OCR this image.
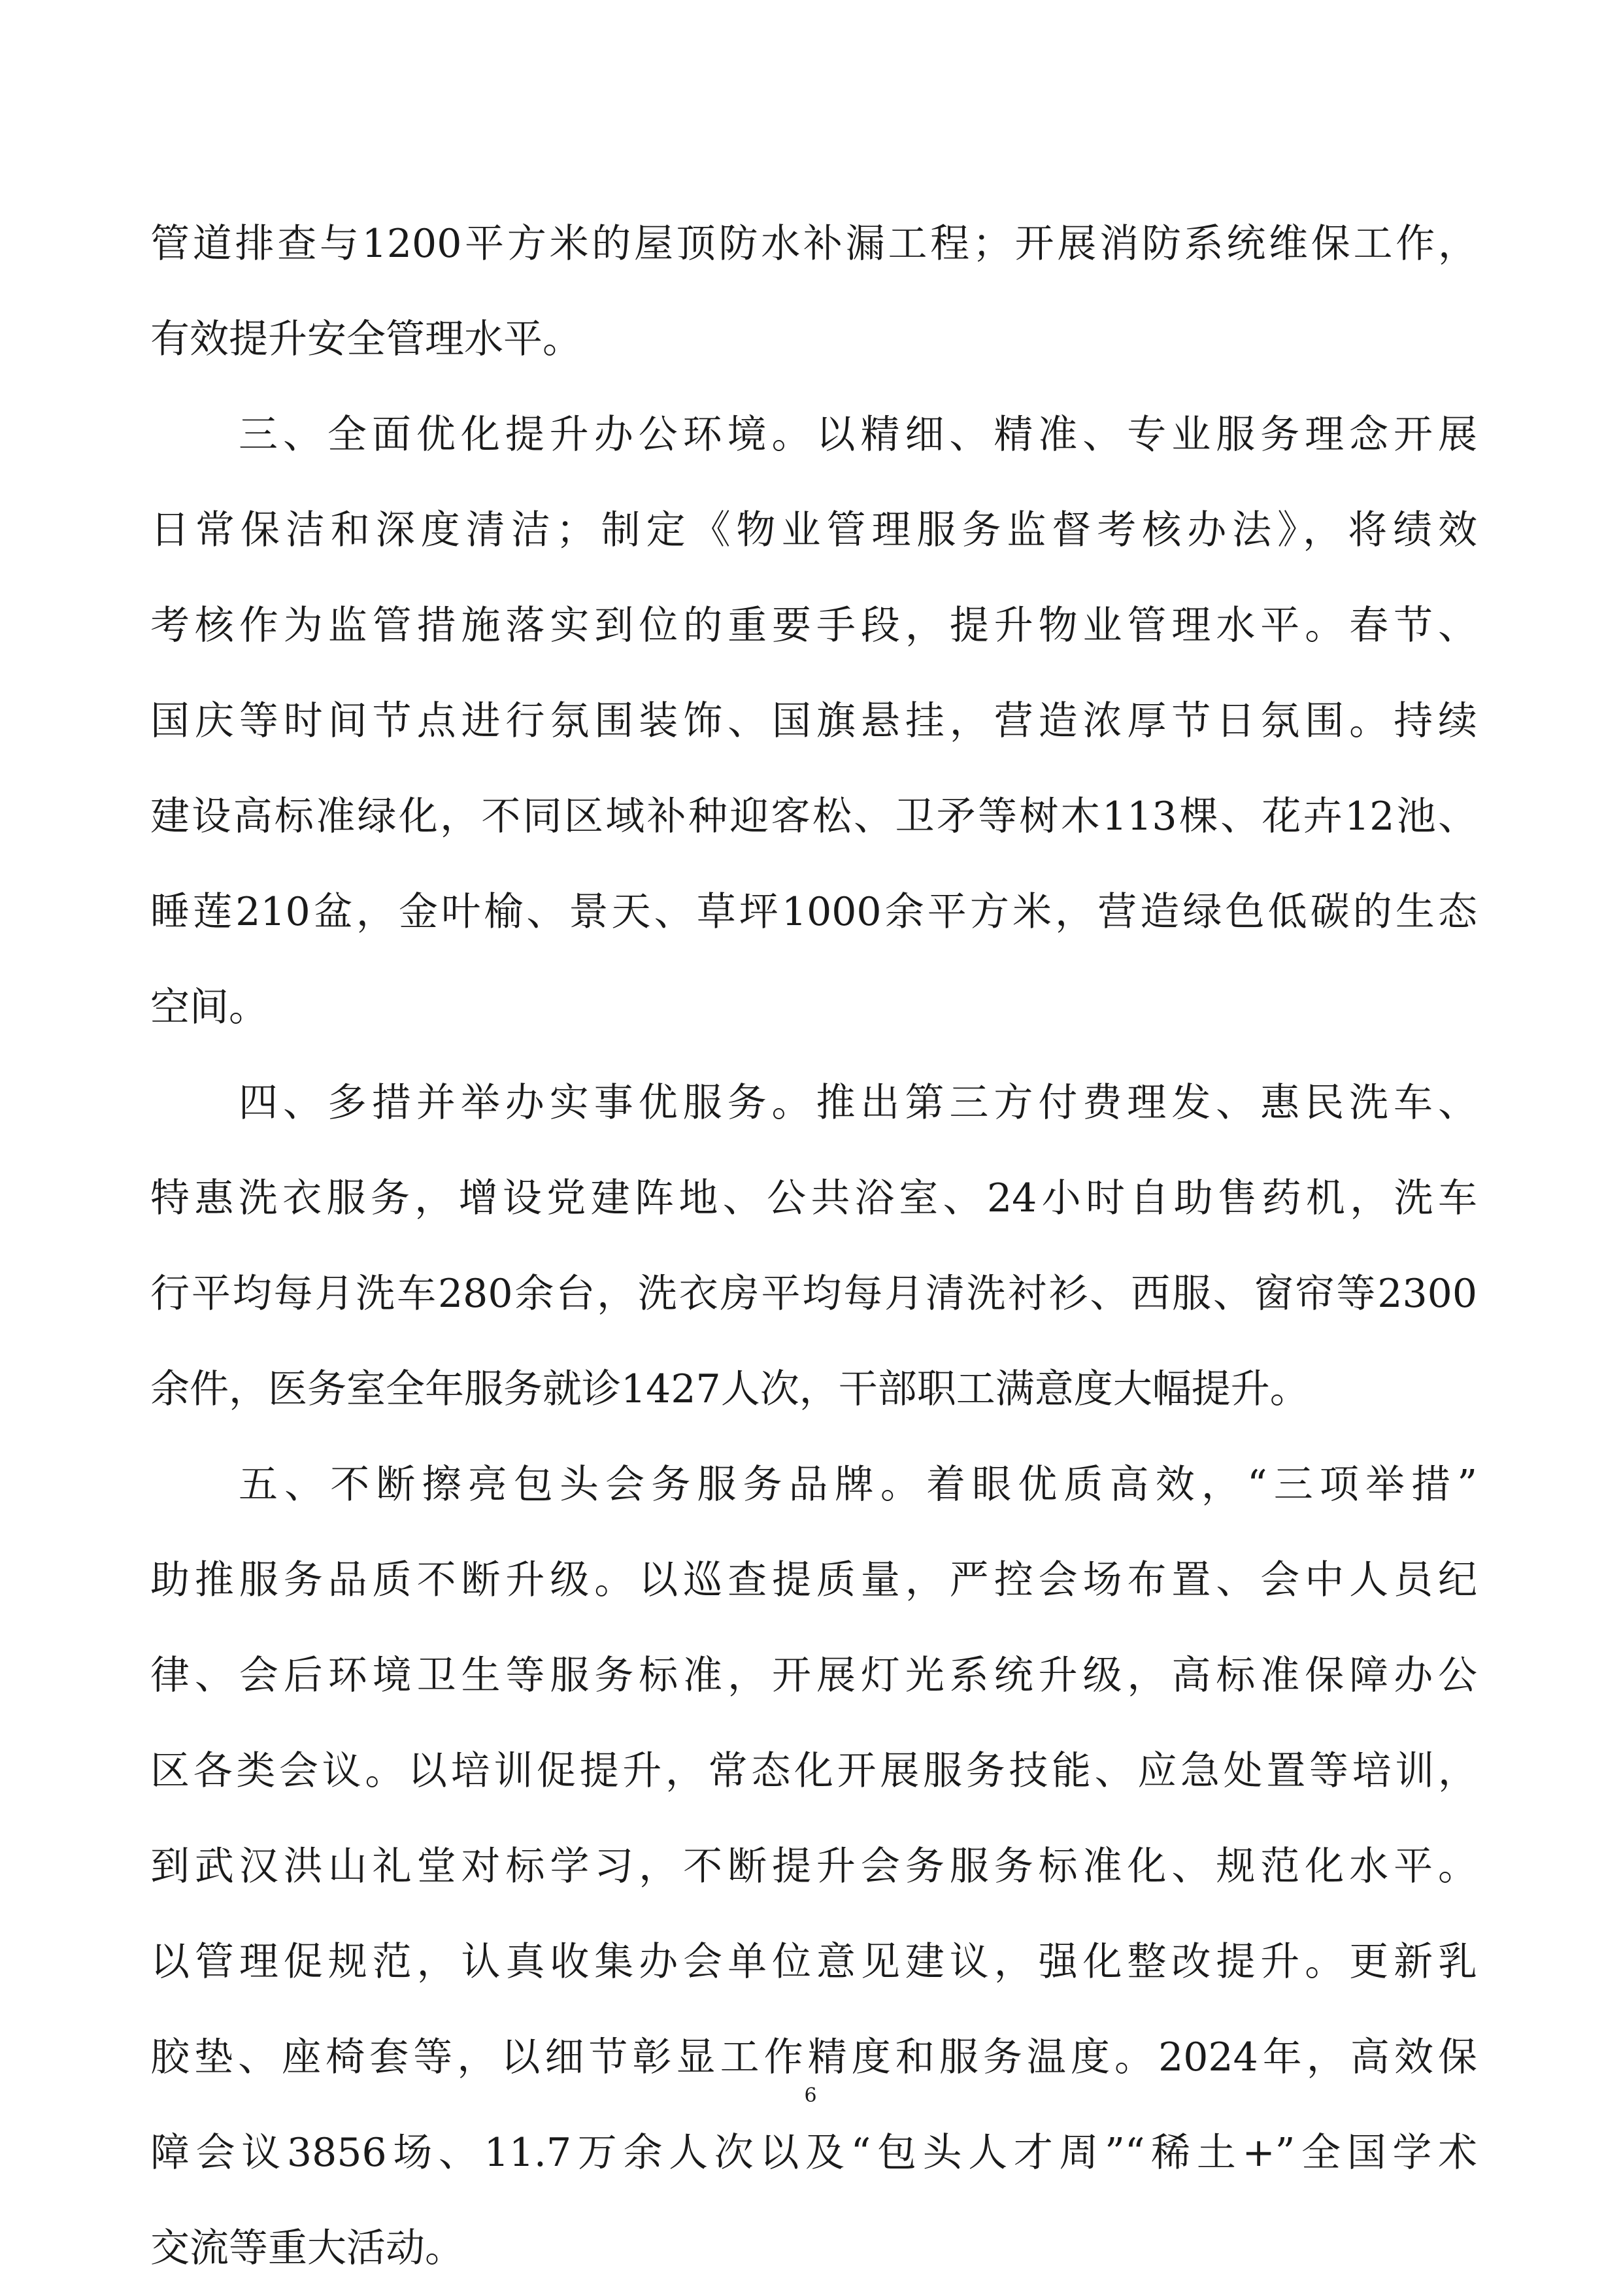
管道排查与1200平方米的屋顶防水补漏工程；开展消防系统维保工作，
有效提升安全管理水平。
三、全面优化提升办公环境。以精细、精准、专业服务理念开展
日常保洁和深度清洁；制定《物业管理服务监督考核办法》，将绩效
考核作为监管措施落实到位的重要手段，提升物业管理水平。春节、
国庆等时间节点进行氛围装饰、国旗悬挂，营造浓厚节日氛围。持续
建设高标准绿化，不同区域补种迎客松、卫矛等树木113棵、花卉12池、
睡莲210盆，金叶榆、景天、草坪1000余平方米，营造绿色低碳的生态
空间。
四、多措并举办实事优服务。推出第三方付费理发、惠民洗车、
特惠洗衣服务，增设党建阵地、公共浴室、24小时自助售药机，洗车
行平均每月洗车280余台，洗衣房平均每月清洗衬衫、西服、窗帘等2300
余件，医务室全年服务就诊1427人次，干部职工满意度大幅提升。
五、不断擦亮包头会务服务品牌。着眼优质高效，“三项举措”
助推服务品质不断升级。以巡查提质量，严控会场布置、会中人员纪
律、会后环境卫生等服务标准，开展灯光系统升级，高标准保障办公
区各类会议。以培训促提升，常态化开展服务技能、应急处置等培训，
到武汉洪山礼堂对标学习，不断提升会务服务标准化、规范化水平。
以管理促规范，认真收集办会单位意见建议，强化整改提升。更新乳
胶垫、座椅套等，以细节彰显工作精度和服务温度。2024年，高效保
障会议3856场、11.7万余人次以及“包头人才周”“稀土+”全国学术
交流等重大活动。
6
